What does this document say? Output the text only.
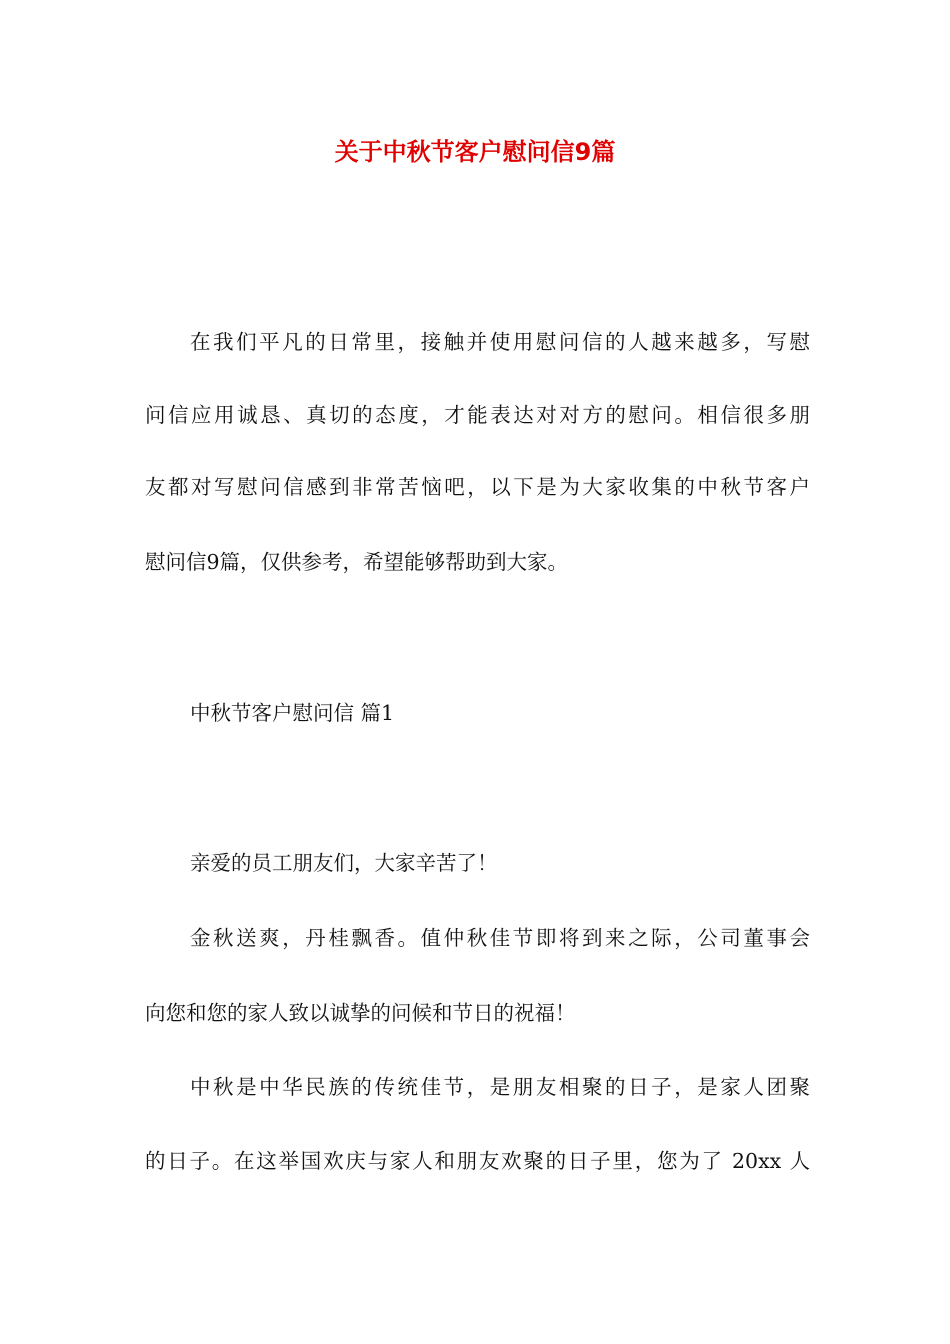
关于中秋节客户慰问信9篇

在我们平凡的日常里，接触并使用慰问信的人越来越多，写慰

问信应用诚恳、真切的态度，才能表达对对方的慰问。相信很多朋

友都对写慰问信感到非常苦恼吧，以下是为大家收集的中秋节客户

慰问信9篇，仅供参考，希望能够帮助到大家。

中秋节客户慰问信 篇1

亲爱的员工朋友们，大家辛苦了！

金秋送爽，丹桂飘香。值仲秋佳节即将到来之际，公司董事会

向您和您的家人致以诚挚的问候和节日的祝福！

中秋是中华民族的传统佳节，是朋友相聚的日子，是家人团聚

的日子。在这举国欢庆与家人和朋友欢聚的日子里，您为了 20xx 人
